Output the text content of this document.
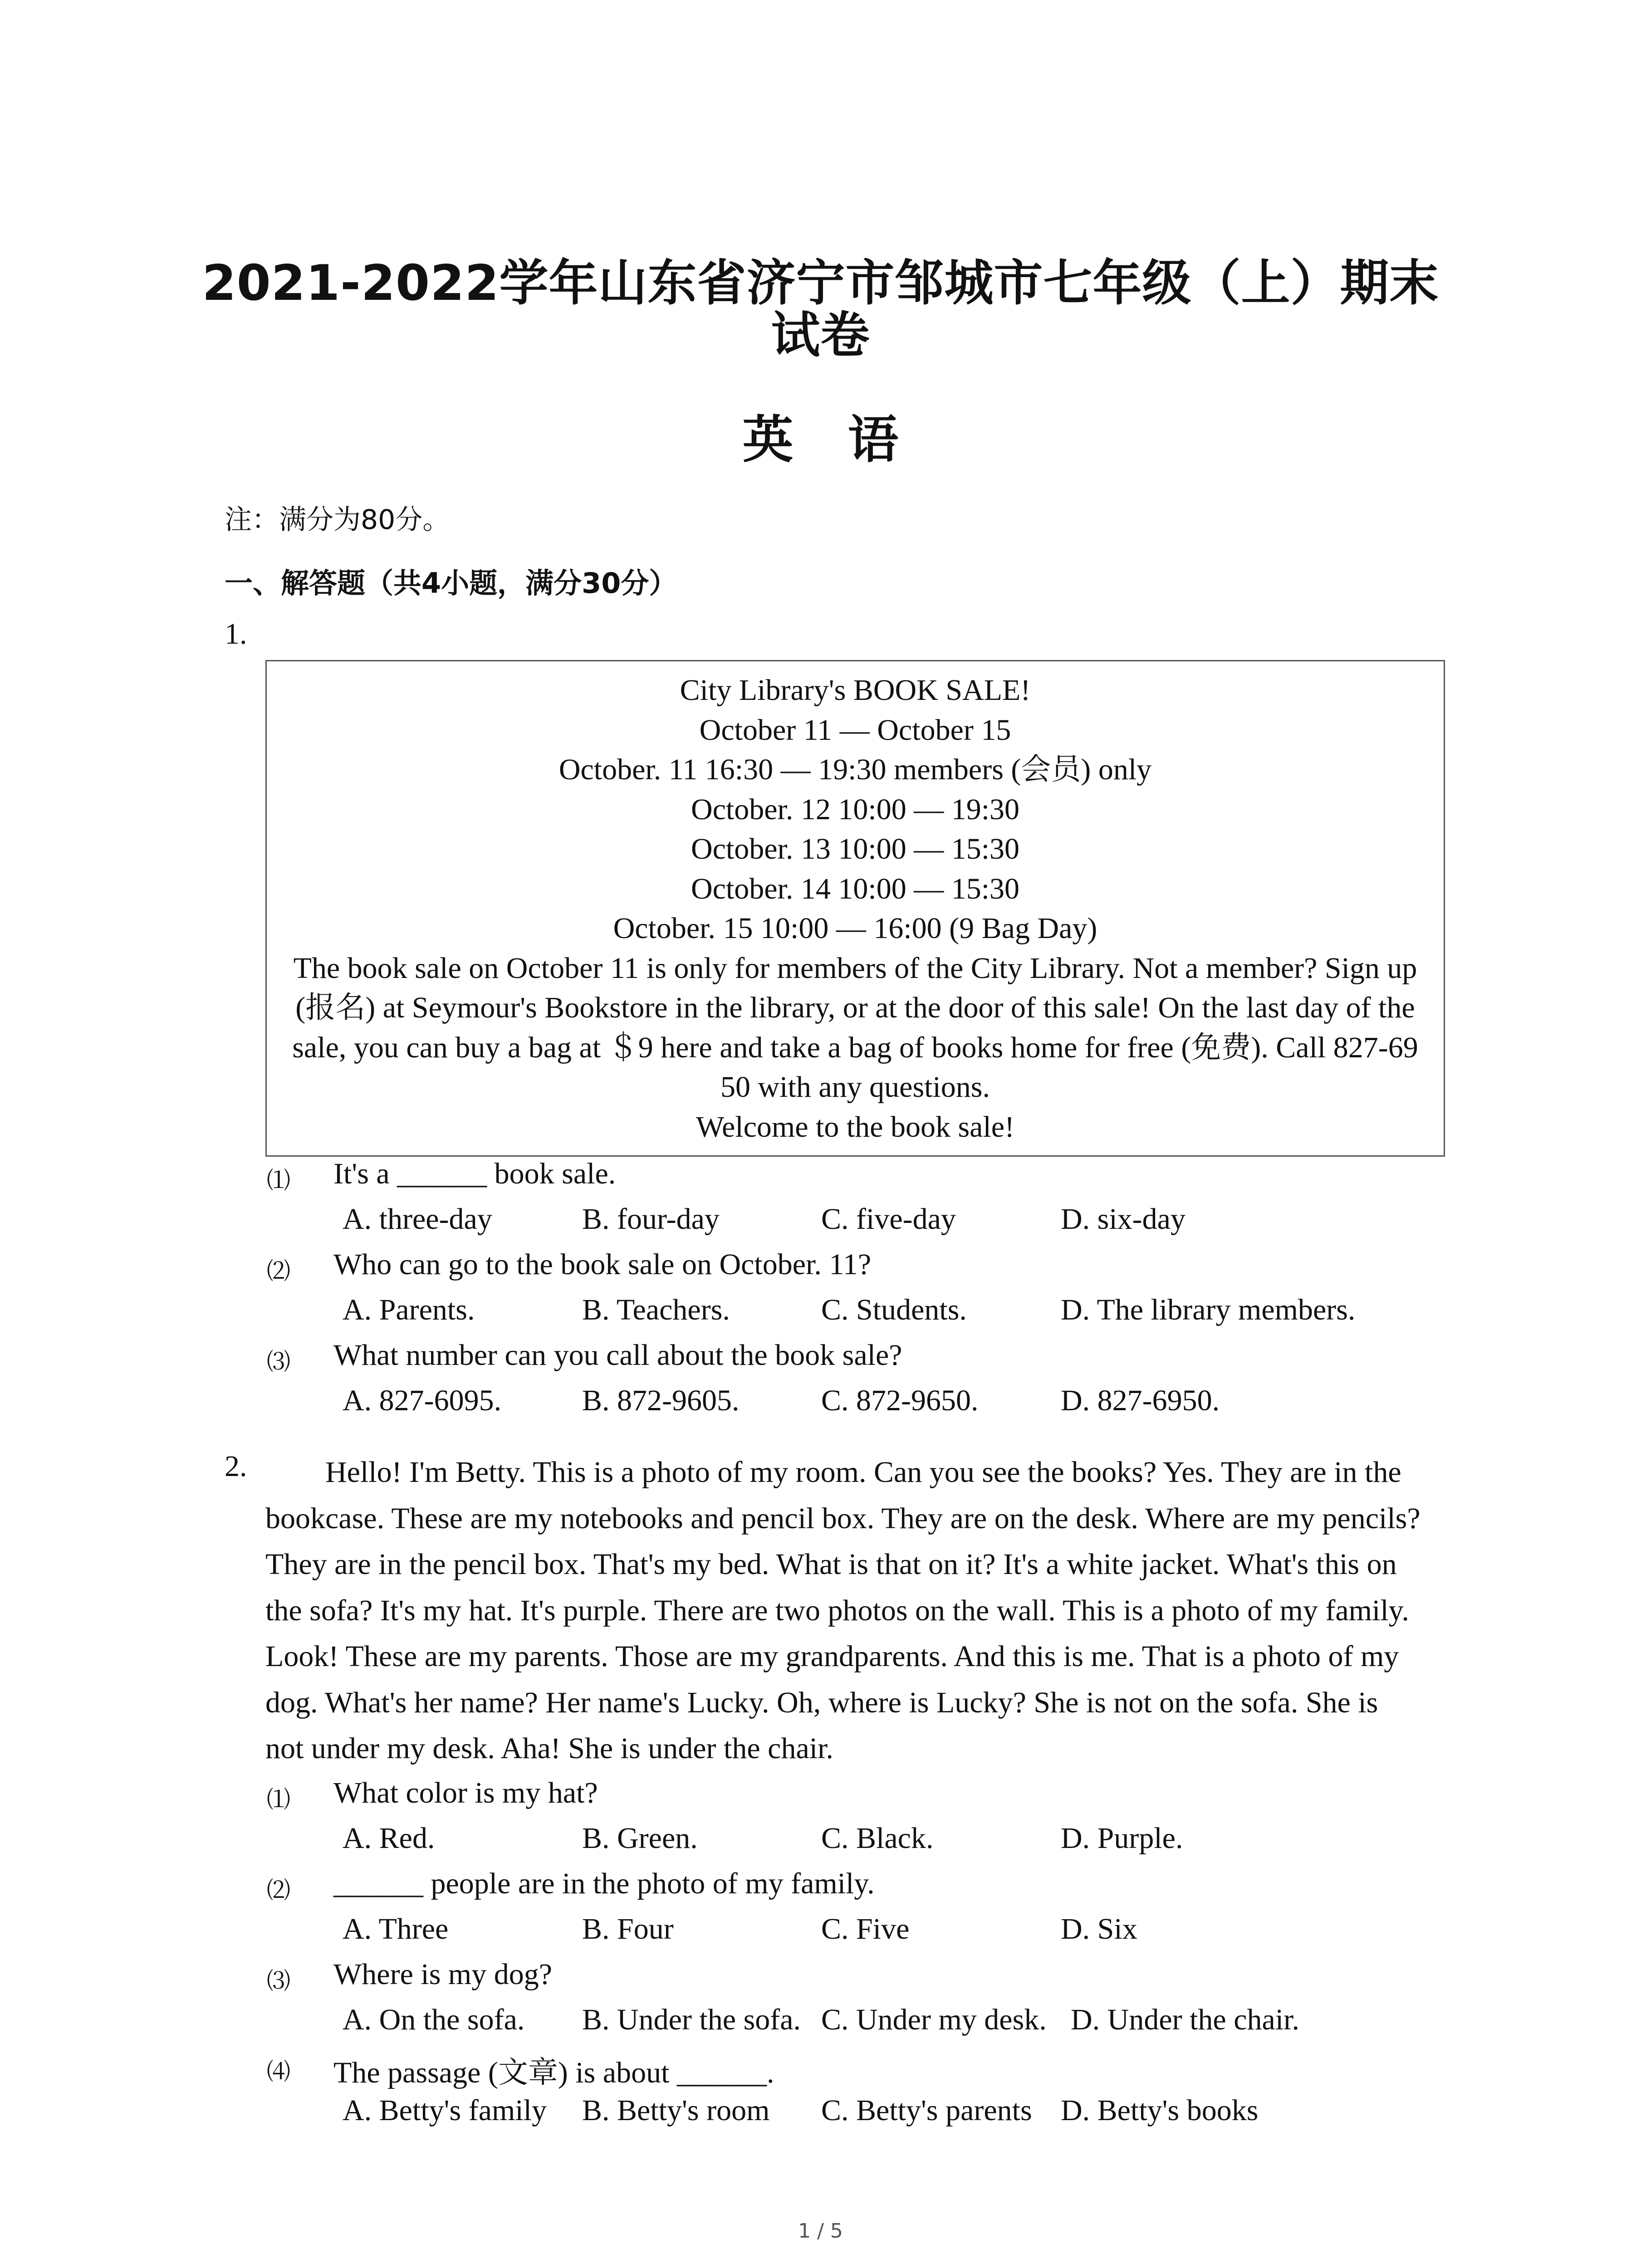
2021-2022学年山东省济宁市邹城市七年级（上）期末
试卷
英语
注：满分为80分。
一、解答题（共4小题，满分30分）
1.
City Library's BOOK SALE!
October 11 — October 15
October. 11 16:30 — 19:30 members (会员) only
October. 12 10:00 — 19:30
October. 13 10:00 — 15:30
October. 14 10:00 — 15:30
October. 15 10:00 — 16:00 (9 Bag Day)
The book sale on October 11 is only for members of the City Library. Not a member? Sign up
(报名) at Seymour's Bookstore in the library, or at the door of this sale! On the last day of the
sale, you can buy a bag at ＄9 here and take a bag of books home for free (免费). Call 827-69
50 with any questions.
Welcome to the book sale!
⑴ It's a ______ book sale.
A. three-day	B. four-day	C. five-day	D. six-day
⑵ Who can go to the book sale on October. 11?
A. Parents.	B. Teachers.	C. Students.	D. The library members.
⑶ What number can you call about the book sale?
A. 827-6095.	B. 872-9605.	C. 872-9650.	D. 827-6950.
2.	Hello! I'm Betty. This is a photo of my room. Can you see the books? Yes. They are in the
bookcase. These are my notebooks and pencil box. They are on the desk. Where are my pencils?
They are in the pencil box. That's my bed. What is that on it? It's a white jacket. What's this on
the sofa? It's my hat. It's purple. There are two photos on the wall. This is a photo of my family.
Look! These are my parents. Those are my grandparents. And this is me. That is a photo of my
dog. What's her name? Her name's Lucky. Oh, where is Lucky? She is not on the sofa. She is
not under my desk. Aha! She is under the chair.
⑴ What color is my hat?
A. Red.	B. Green.	C. Black.	D. Purple.
⑵ ______ people are in the photo of my family.
A. Three	B. Four	C. Five	D. Six
⑶ Where is my dog?
A. On the sofa. B. Under the sofa. C. Under my desk. D. Under the chair.
⑷ The passage (文章) is about ______.
A. Betty's family B. Betty's room C. Betty's parents D. Betty's books
1 / 5
